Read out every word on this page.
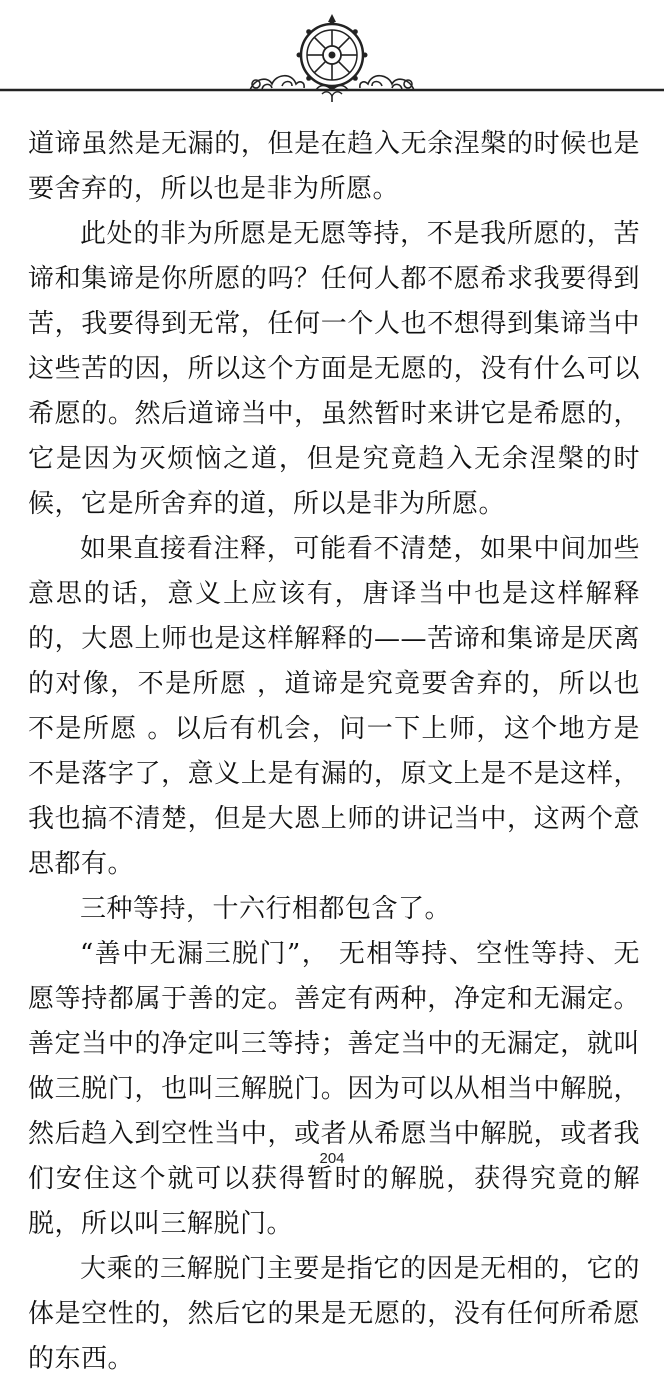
道谛虽然是无漏的，但是在趋入无余涅槃的时候也是要舍弃的，所以也是非为所愿。

此处的非为所愿是无愿等持，不是我所愿的，苦谛和集谛是你所愿的吗？任何人都不愿希求我要得到苦，我要得到无常，任何一个人也不想得到集谛当中这些苦的因，所以这个方面是无愿的，没有什么可以希愿的。然后道谛当中，虽然暂时来讲它是希愿的，它是因为灭烦恼之道，但是究竟趋入无余涅槃的时候，它是所舍弃的道，所以是非为所愿。

如果直接看注释，可能看不清楚，如果中间加些意思的话，意义上应该有，唐译当中也是这样解释的，大恩上师也是这样解释的——苦谛和集谛是厌离的对像，不是所愿 ，道谛是究竟要舍弃的，所以也不是所愿 。以后有机会，问一下上师，这个地方是不是落字了，意义上是有漏的，原文上是不是这样，我也搞不清楚，但是大恩上师的讲记当中，这两个意思都有。

三种等持，十六行相都包含了。

“善中无漏三脱门”， 无相等持、空性等持、无愿等持都属于善的定。善定有两种，净定和无漏定。善定当中的净定叫三等持；善定当中的无漏定，就叫做三脱门，也叫三解脱门。因为可以从相当中解脱，然后趋入到空性当中，或者从希愿当中解脱，或者我们安住这个就可以获得暂时的解脱，获得究竟的解脱，所以叫三解脱门。

大乘的三解脱门主要是指它的因是无相的，它的体是空性的，然后它的果是无愿的，没有任何所希愿的东西。

204
